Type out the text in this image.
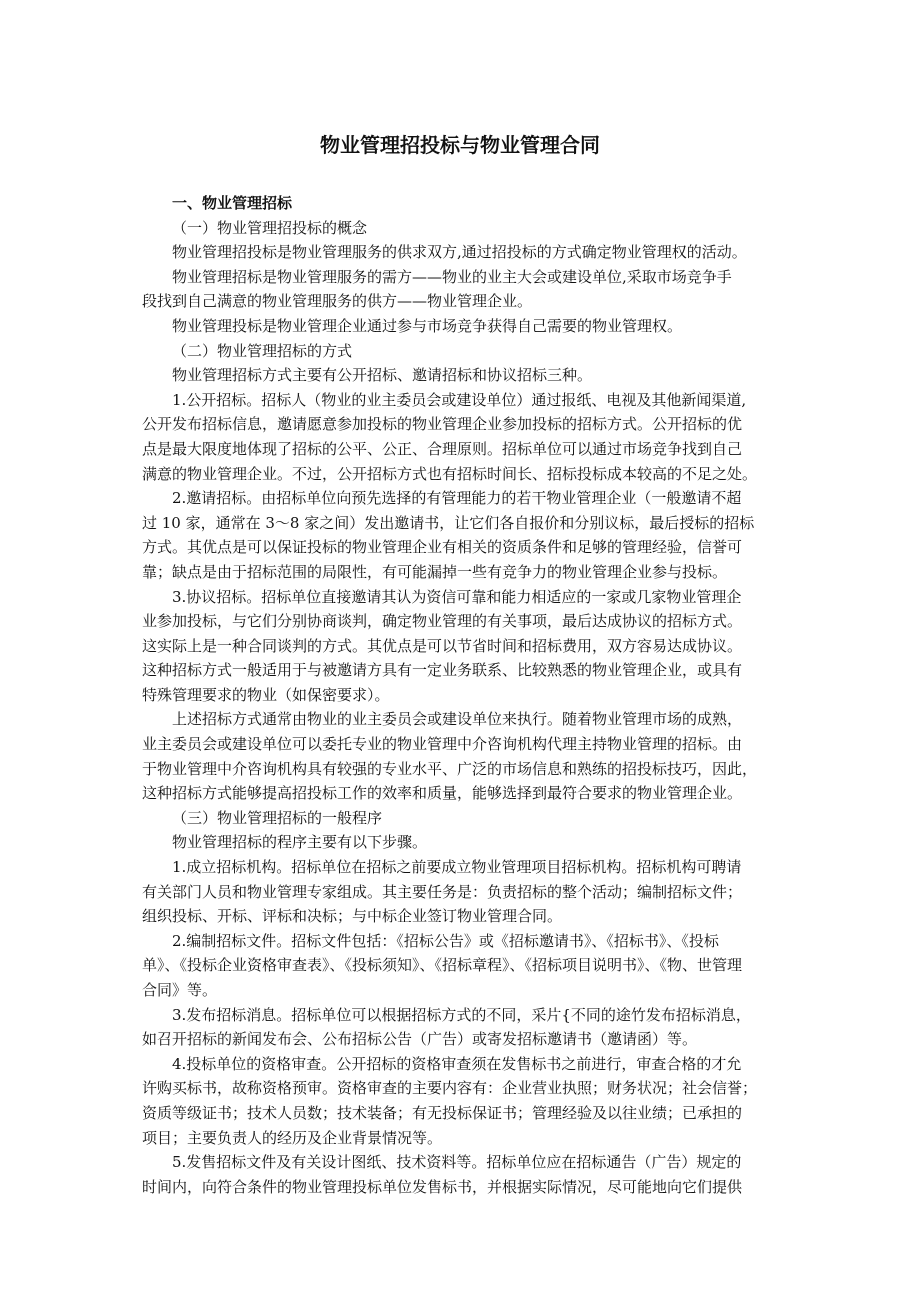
物业管理招投标与物业管理合同
一、物业管理招标
（一）物业管理招投标的概念
物业管理招投标是物业管理服务的供求双方,通过招投标的方式确定物业管理权的活动。
物业管理招标是物业管理服务的需方——物业的业主大会或建设单位,采取市场竞争手
段找到自己满意的物业管理服务的供方——物业管理企业。
物业管理投标是物业管理企业通过参与市场竞争获得自己需要的物业管理权。
（二）物业管理招标的方式
物业管理招标方式主要有公开招标、邀请招标和协议招标三种。
1.公开招标。招标人（物业的业主委员会或建设单位）通过报纸、电视及其他新闻渠道,
公开发布招标信息，邀请愿意参加投标的物业管理企业参加投标的招标方式。公开招标的优
点是最大限度地体现了招标的公平、公正、合理原则。招标单位可以通过市场竞争找到自己
满意的物业管理企业。不过，公开招标方式也有招标时间长、招标投标成本较高的不足之处。
2.邀请招标。由招标单位向预先选择的有管理能力的若干物业管理企业（一般邀请不超
过 10 家，通常在 3～8 家之间）发出邀请书，让它们各自报价和分别议标，最后授标的招标
方式。其优点是可以保证投标的物业管理企业有相关的资质条件和足够的管理经验，信誉可
靠；缺点是由于招标范围的局限性，有可能漏掉一些有竞争力的物业管理企业参与投标。
3.协议招标。招标单位直接邀请其认为资信可靠和能力相适应的一家或几家物业管理企
业参加投标，与它们分别协商谈判，确定物业管理的有关事项，最后达成协议的招标方式。
这实际上是一种合同谈判的方式。其优点是可以节省时间和招标费用，双方容易达成协议。
这种招标方式一般适用于与被邀请方具有一定业务联系、比较熟悉的物业管理企业，或具有
特殊管理要求的物业（如保密要求）。
上述招标方式通常由物业的业主委员会或建设单位来执行。随着物业管理市场的成熟，
业主委员会或建设单位可以委托专业的物业管理中介咨询机构代理主持物业管理的招标。由
于物业管理中介咨询机构具有较强的专业水平、广泛的市场信息和熟练的招投标技巧，因此，
这种招标方式能够提高招投标工作的效率和质量，能够选择到最符合要求的物业管理企业。
（三）物业管理招标的一般程序
物业管理招标的程序主要有以下步骤。
1.成立招标机构。招标单位在招标之前要成立物业管理项目招标机构。招标机构可聘请
有关部门人员和物业管理专家组成。其主要任务是：负责招标的整个活动；编制招标文件；
组织投标、开标、评标和决标；与中标企业签订物业管理合同。
2.编制招标文件。招标文件包括：《招标公告》或《招标邀请书》、《招标书》、《投标
单》、《投标企业资格审查表》、《投标须知》、《招标章程》、《招标项目说明书》、《物、世管理
合同》等。
3.发布招标消息。招标单位可以根据招标方式的不同，采片{不同的途竹发布招标消息，
如召开招标的新闻发布会、公布招标公告（广告）或寄发招标邀请书（邀请函）等。
4.投标单位的资格审查。公开招标的资格审查须在发售标书之前进行，审查合格的才允
许购买标书，故称资格预审。资格审查的主要内容有：企业营业执照；财务状况；社会信誉；
资质等级证书；技术人员数；技术装备；有无投标保证书；管理经验及以往业绩；已承担的
项目；主要负责人的经历及企业背景情况等。
5.发售招标文件及有关设计图纸、技术资料等。招标单位应在招标通告（广告）规定的
时间内，向符合条件的物业管理投标单位发售标书，并根据实际情况，尽可能地向它们提供
